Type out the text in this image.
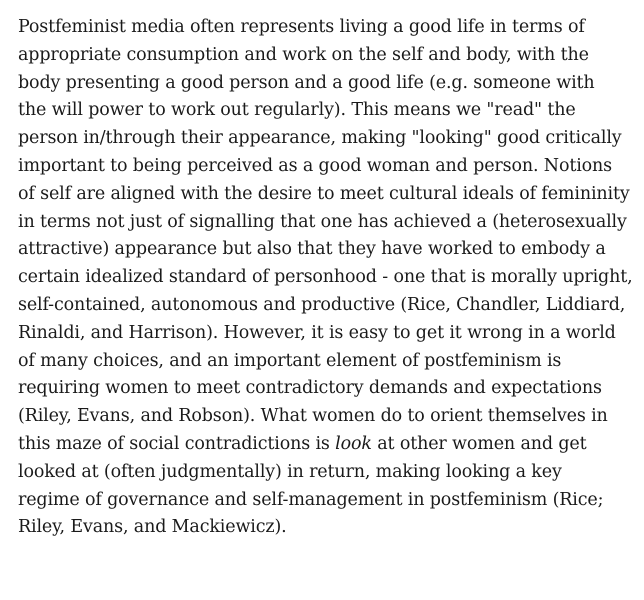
Postfeminist media often represents living a good life in terms of
appropriate consumption and work on the self and body, with the
body presenting a good person and a good life (e.g. someone with
the will power to work out regularly). This means we "read" the
person in/through their appearance, making "looking" good critically
important to being perceived as a good woman and person. Notions
of self are aligned with the desire to meet cultural ideals of femininity
in terms not just of signalling that one has achieved a (heterosexually
attractive) appearance but also that they have worked to embody a
certain idealized standard of personhood - one that is morally upright,
self-contained, autonomous and productive (Rice, Chandler, Liddiard,
Rinaldi, and Harrison). However, it is easy to get it wrong in a world
of many choices, and an important element of postfeminism is
requiring women to meet contradictory demands and expectations
(Riley, Evans, and Robson). What women do to orient themselves in
this maze of social contradictions is look at other women and get
looked at (often judgmentally) in return, making looking a key
regime of governance and self-management in postfeminism (Rice;
Riley, Evans, and Mackiewicz).
